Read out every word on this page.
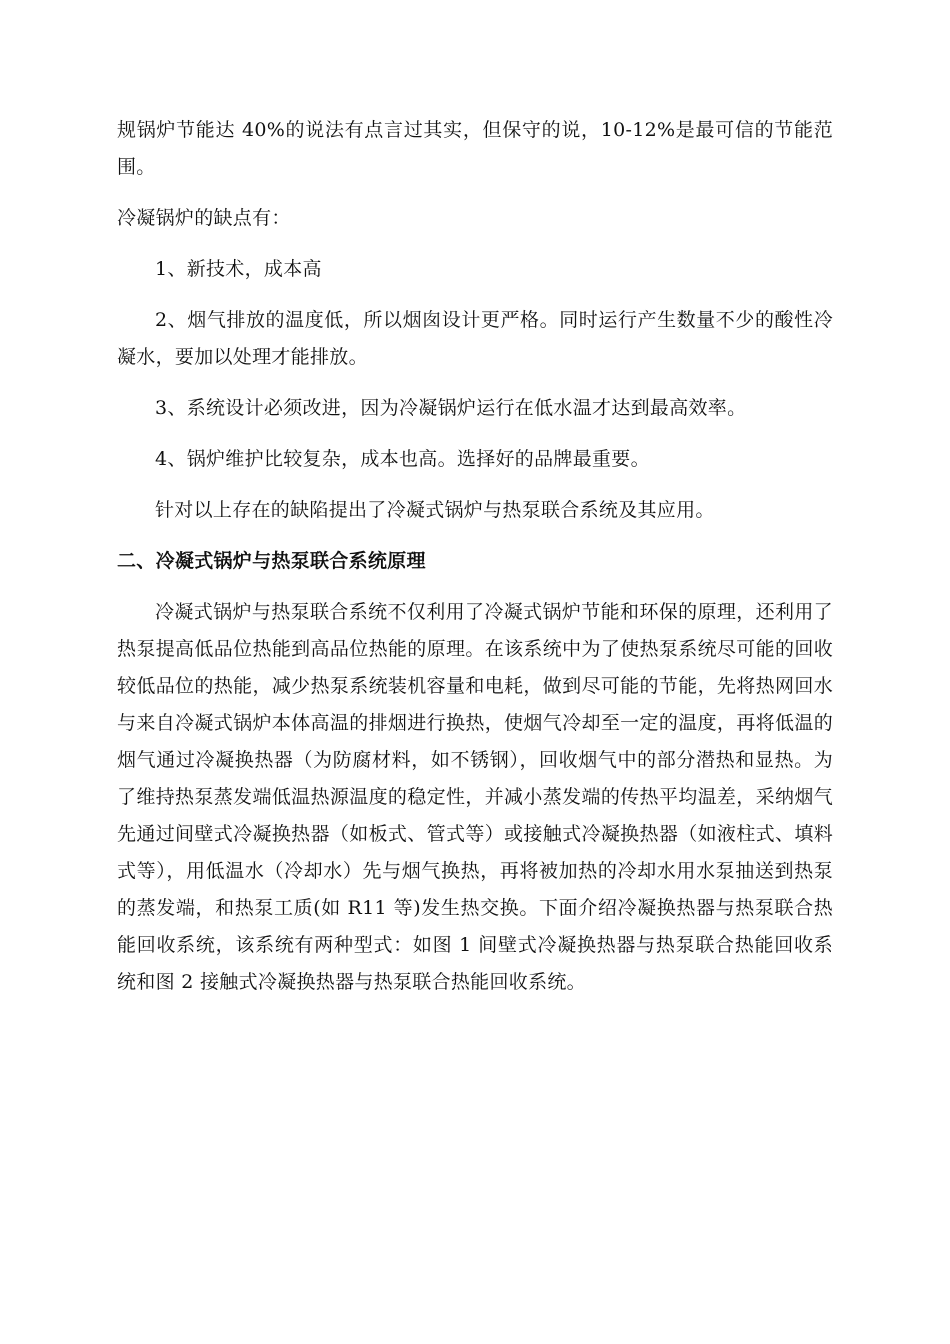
规锅炉节能达 40%的说法有点言过其实，但保守的说，10-12%是最可信的节能范围。

冷凝锅炉的缺点有：

1、新技术，成本高

2、烟气排放的温度低，所以烟囱设计更严格。同时运行产生数量不少的酸性冷凝水，要加以处理才能排放。

3、系统设计必须改进，因为冷凝锅炉运行在低水温才达到最高效率。

4、锅炉维护比较复杂，成本也高。选择好的品牌最重要。

针对以上存在的缺陷提出了冷凝式锅炉与热泵联合系统及其应用。

二、冷凝式锅炉与热泵联合系统原理

冷凝式锅炉与热泵联合系统不仅利用了冷凝式锅炉节能和环保的原理，还利用了热泵提高低品位热能到高品位热能的原理。在该系统中为了使热泵系统尽可能的回收较低品位的热能，减少热泵系统装机容量和电耗，做到尽可能的节能，先将热网回水与来自冷凝式锅炉本体高温的排烟进行换热，使烟气冷却至一定的温度，再将低温的烟气通过冷凝换热器（为防腐材料，如不锈钢），回收烟气中的部分潜热和显热。为了维持热泵蒸发端低温热源温度的稳定性，并减小蒸发端的传热平均温差，采纳烟气先通过间壁式冷凝换热器（如板式、管式等）或接触式冷凝换热器（如液柱式、填料式等），用低温水（冷却水）先与烟气换热，再将被加热的冷却水用水泵抽送到热泵的蒸发端，和热泵工质(如 R11 等)发生热交换。下面介绍冷凝换热器与热泵联合热能回收系统，该系统有两种型式：如图 1 间壁式冷凝换热器与热泵联合热能回收系统和图 2 接触式冷凝换热器与热泵联合热能回收系统。
